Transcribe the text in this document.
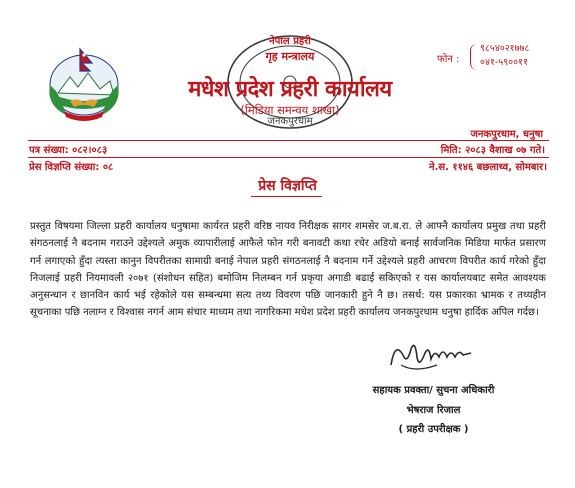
जनकपुरधाम
नेपाल प्रहरी
गृह मन्त्रालय
मधेश प्रदेश प्रहरी कार्यालय
(मिडिया समन्वय शाखा)
फोन :
९८५४०२१७७८
०४१-५९००११
जनकपुरधाम, धनुषा
पत्र संख्या: ०८२।०८३	मिति: २०८३ वैशाख ०७ गते।
प्रेस विज्ञप्ति संख्या: ०८	ने.स. ११४६ बछलाथ्व, सोमबार।
प्रेस विज्ञप्ति
प्रस्तुत विषयमा जिल्ला प्रहरी कार्यालय धनुषामा कार्यरत प्रहरी वरिष्ठ नायव निरीक्षक सागर शमसेर ज.ब.रा. ले आफ्नै कार्यालय प्रमुख तथा प्रहरी संगठनलाई नै बदनाम गराउने उद्देश्यले अमुक व्यापारीलाई आफैले फोन गरी बनावटी कथा रचेर अडियो बनाई सार्वजनिक मिडिया मार्फत प्रसारण गर्न लगाएको हुँदा त्यस्ता कानुन विपरीतका सामाग्री बनाई नेपाल प्रहरी संगठनलाई नै बदनाम गर्ने उद्देश्यले प्रहरी आचरण विपरीत कार्य गरेको हुँदा निजलाई प्रहरी नियमावली २०७१ (संशोधन सहित) बमोजिम निलम्बन गर्न प्रकृया अगाडी बढाई सकिएको र यस कार्यालयबाट समेत आवश्यक अनुसन्धान र छानविन कार्य भई रहेकोले यस सम्बन्धमा सत्य तथ्य विवरण पछि जानकारी हुने नै छ। तसर्थ: यस प्रकारका भ्रामक र तथ्यहीन सूचनाका पछि नलाग्न र विश्वास नगर्न आम संचार माध्यम तथा नागरिकमा मधेश प्रदेश प्रहरी कार्यालय जनकपुरधाम धनुषा हार्दिक अपिल गर्दछ।
सहायक प्रवक्ता/ सुचना अधिकारी
भेषराज रिजाल
( प्रहरी उपरीक्षक )
